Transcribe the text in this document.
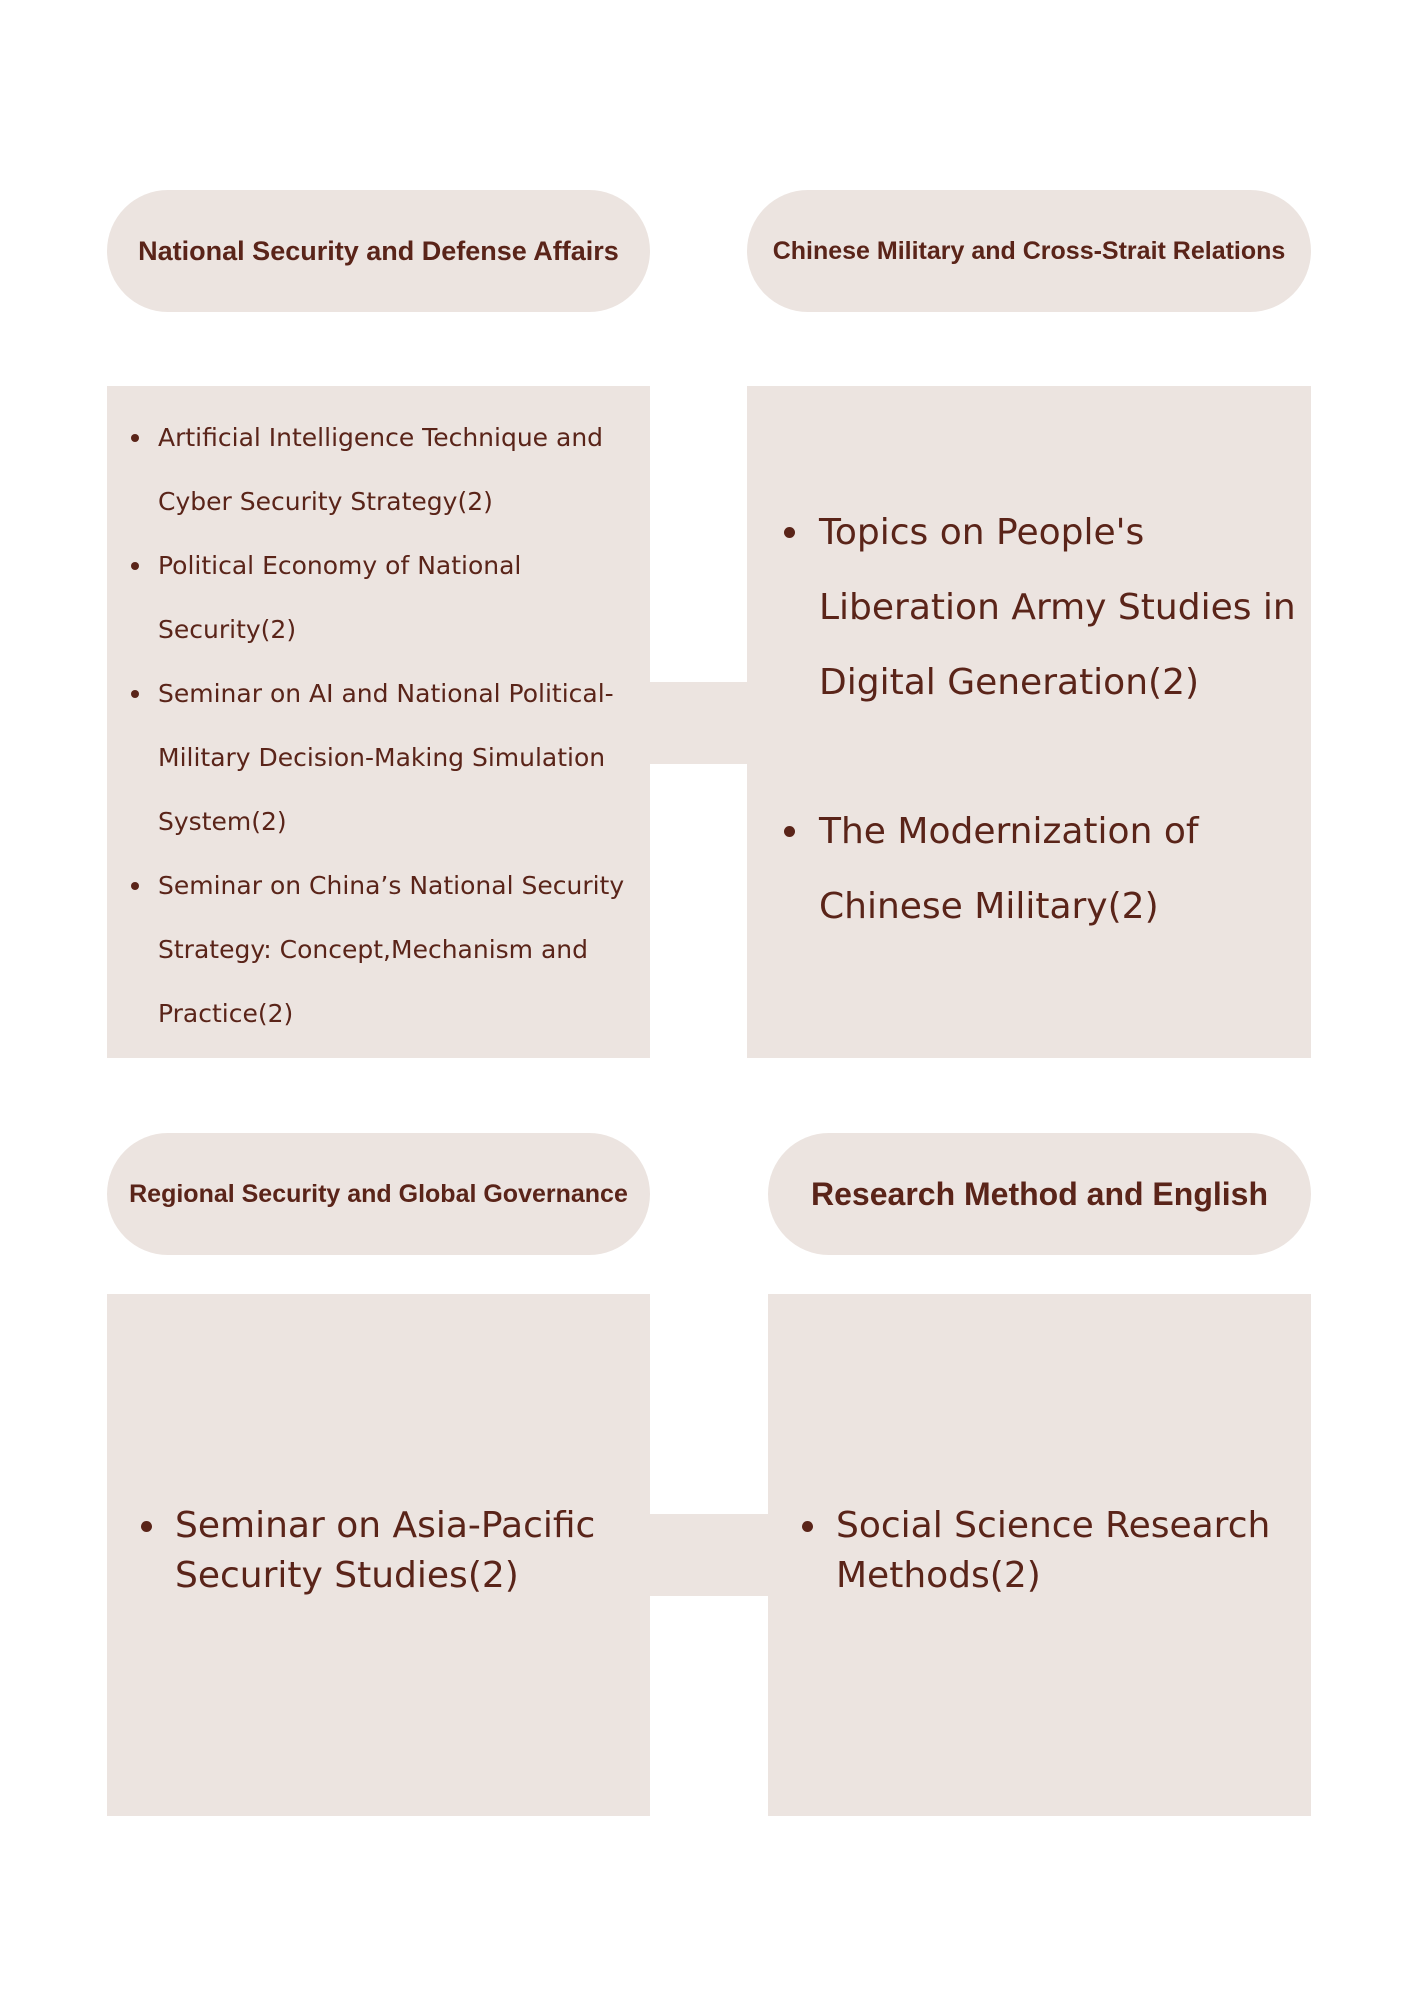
National Security and Defense Affairs	Chinese Military and Cross-Strait Relations
Artificial Intelligence Technique and Cyber Security Strategy(2)
Political Economy of National Security(2)
Seminar on AI and National Political-Military Decision-Making Simulation System(2)
Seminar on China’s National Security Strategy: Concept,Mechanism and Practice(2)
Topics on People's Liberation Army Studies in Digital Generation(2)
The Modernization of Chinese Military(2)
Regional Security and Global Governance	Research Method and English
Seminar on Asia-Pacific Security Studies(2)
Social Science Research Methods(2)
